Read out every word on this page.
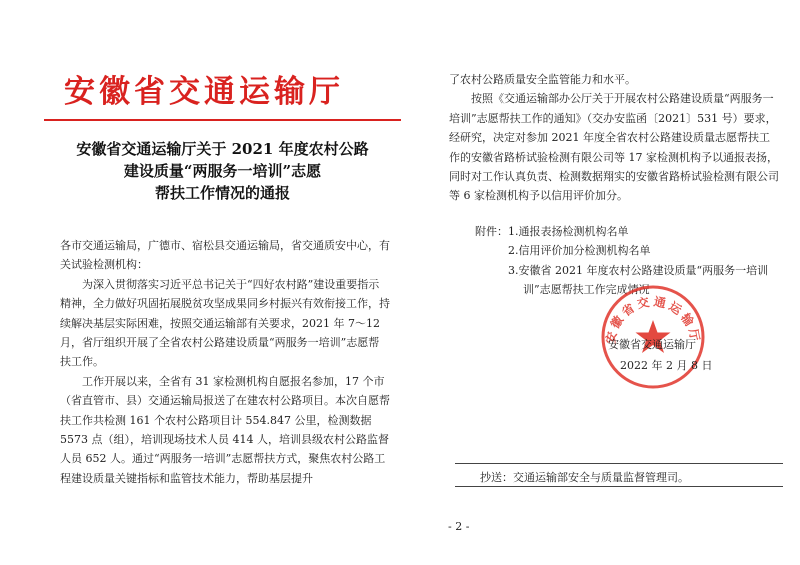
安徽省交通运输厅
安徽省交通运输厅关于 2021 年度农村公路
建设质量“两服务一培训”志愿
帮扶工作情况的通报

各市交通运输局，广德市、宿松县交通运输局，省交通质安中心，有关试验检测机构：

为深入贯彻落实习近平总书记关于“四好农村路”建设重要指示精神，全力做好巩固拓展脱贫攻坚成果同乡村振兴有效衔接工作，持续解决基层实际困难，按照交通运输部有关要求，2021 年 7～12 月，省厅组织开展了全省农村公路建设质量“两服务一培训”志愿帮扶工作。

工作开展以来，全省有 31 家检测机构自愿报名参加，17 个市（省直管市、县）交通运输局报送了在建农村公路项目。本次自愿帮扶工作共检测 161 个农村公路项目计 554.847 公里，检测数据 5573 点（组），培训现场技术人员 414 人，培训县级农村公路监督人员 652 人。通过“两服务一培训”志愿帮扶方式，聚焦农村公路工程建设质量关键指标和监管技术能力，帮助基层提升

了农村公路质量安全监管能力和水平。

按照《交通运输部办公厅关于开展农村公路建设质量“两服务一培训”志愿帮扶工作的通知》（交办安监函〔2021〕531 号）要求，经研究，决定对参加 2021 年度全省农村公路建设质量志愿帮扶工作的安徽省路桥试验检测有限公司等 17 家检测机构予以通报表扬，同时对工作认真负责、检测数据翔实的安徽省路桥试验检测有限公司等 6 家检测机构予以信用评价加分。

附件：1.通报表扬检测机构名单
2.信用评价加分检测机构名单
3.安徽省 2021 年度农村公路建设质量“两服务一培训
训”志愿帮扶工作完成情况
安徽省交通运输厅
安徽省交通运输厅
2022 年 2 月 8 日
抄送：交通运输部安全与质量监督管理司。
- 2 -
